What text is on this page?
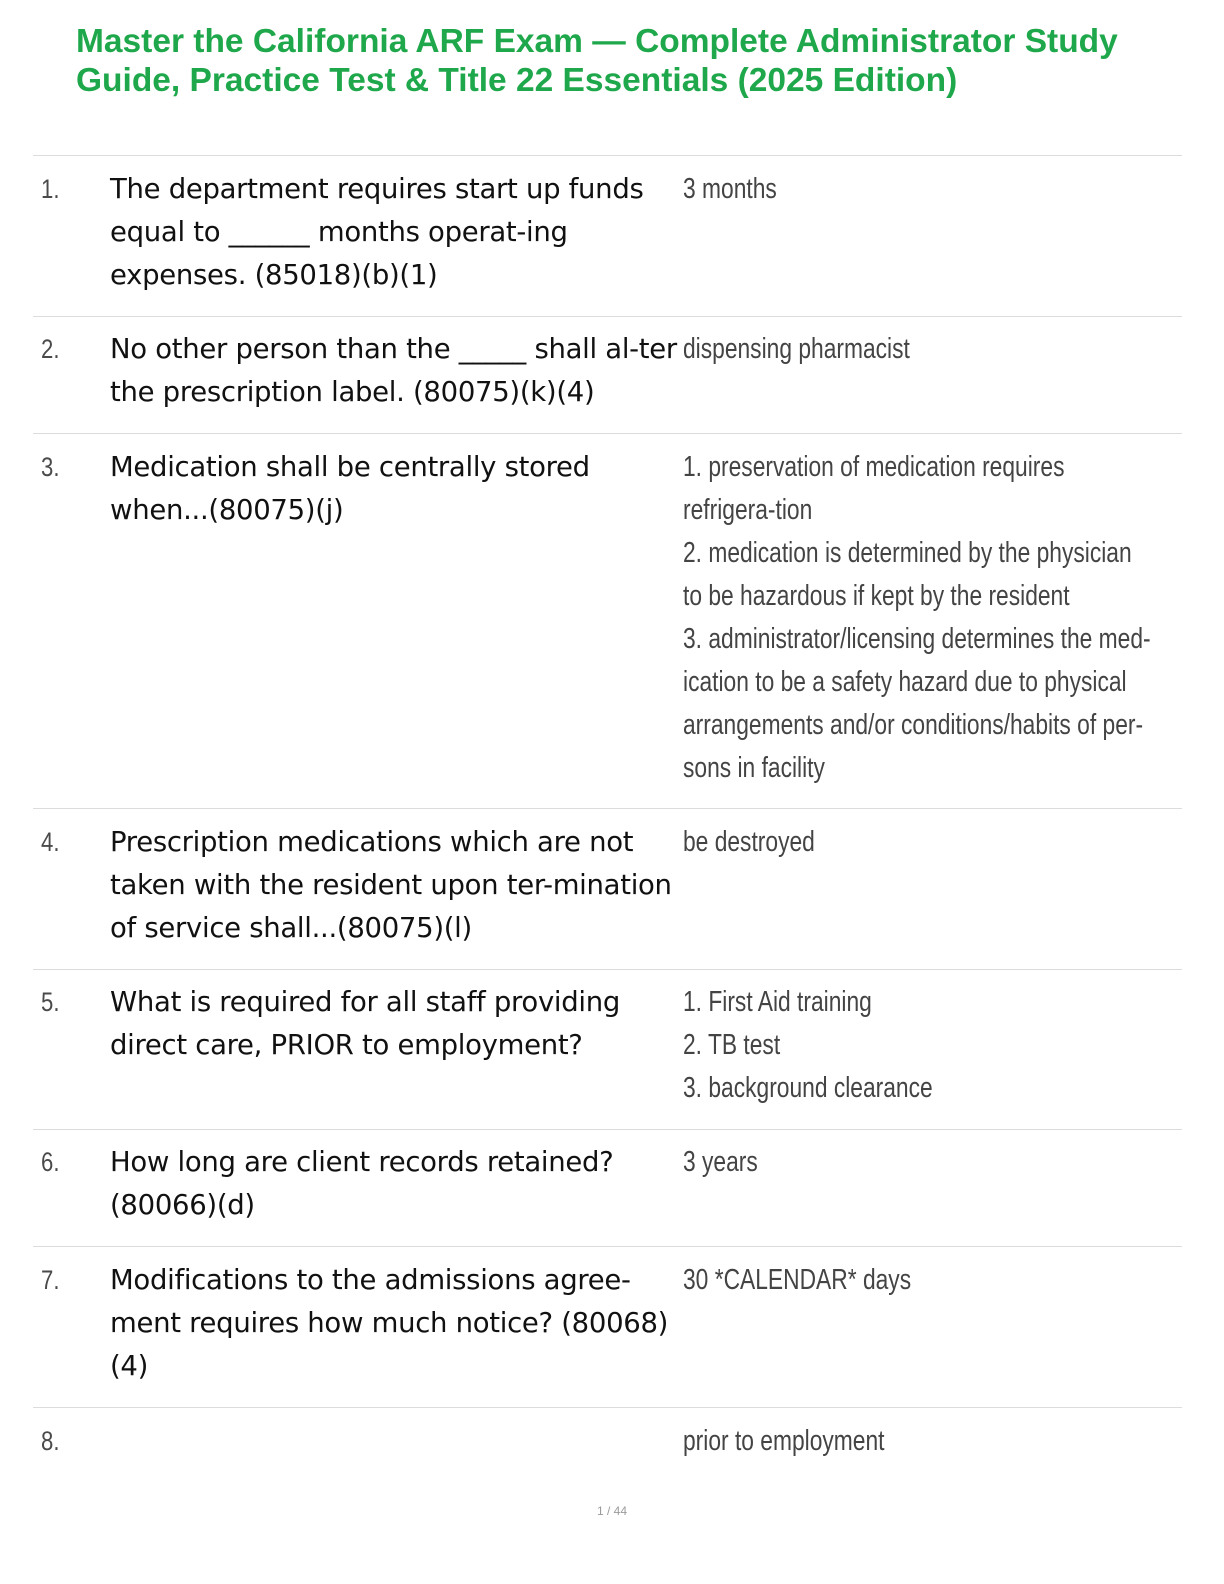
Master the California ARF Exam — Complete Administrator Study Guide, Practice Test & Title 22 Essentials (2025 Edition)
1. The department requires start up funds equal to ______ months operat-ing expenses. (85018)(b)(1)
3 months
2. No other person than the _____ shall al-ter the prescription label. (80075)(k)(4)
dispensing pharmacist
3. Medication shall be centrally stored when...(80075)(j)
1. preservation of medication requires refrigera-tion
2. medication is determined by the physician to be hazardous if kept by the resident
3. administrator/licensing determines the med-ication to be a safety hazard due to physical arrangements and/or conditions/habits of per-sons in facility
4. Prescription medications which are not taken with the resident upon ter-mination of service shall...(80075)(l)
be destroyed
5. What is required for all staff providing direct care, PRIOR to employment?
1. First Aid training
2. TB test
3. background clearance
6. How long are client records retained? (80066)(d)
3 years
7. Modifications to the admissions agree-ment requires how much notice? (80068)(4)
30 *CALENDAR* days
8.	prior to employment
1 / 44
